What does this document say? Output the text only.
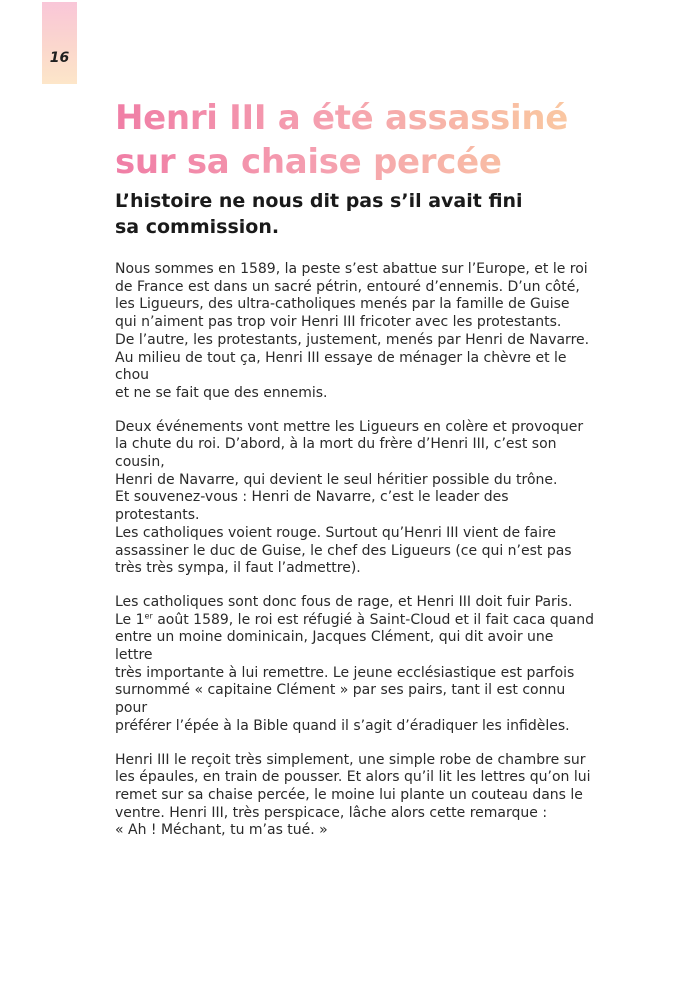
16
Henri III a été assassiné
sur sa chaise percée
L’histoire ne nous dit pas s’il avait fini
sa commission.

Nous sommes en 1589, la peste s’est abattue sur l’Europe, et le roi
de France est dans un sacré pétrin, entouré d’ennemis. D’un côté,
les Ligueurs, des ultra-catholiques menés par la famille de Guise
qui n’aiment pas trop voir Henri III fricoter avec les protestants.
De l’autre, les protestants, justement, menés par Henri de Navarre.
Au milieu de tout ça, Henri III essaye de ménager la chèvre et le chou
et ne se fait que des ennemis.

Deux événements vont mettre les Ligueurs en colère et provoquer
la chute du roi. D’abord, à la mort du frère d’Henri III, c’est son cousin,
Henri de Navarre, qui devient le seul héritier possible du trône.
Et souvenez-vous : Henri de Navarre, c’est le leader des protestants.
Les catholiques voient rouge. Surtout qu’Henri III vient de faire
assassiner le duc de Guise, le chef des Ligueurs (ce qui n’est pas
très très sympa, il faut l’admettre).

Les catholiques sont donc fous de rage, et Henri III doit fuir Paris.
Le 1er août 1589, le roi est réfugié à Saint-Cloud et il fait caca quand
entre un moine dominicain, Jacques Clément, qui dit avoir une lettre
très importante à lui remettre. Le jeune ecclésiastique est parfois
surnommé « capitaine Clément » par ses pairs, tant il est connu pour
préférer l’épée à la Bible quand il s’agit d’éradiquer les infidèles.

Henri III le reçoit très simplement, une simple robe de chambre sur
les épaules, en train de pousser. Et alors qu’il lit les lettres qu’on lui
remet sur sa chaise percée, le moine lui plante un couteau dans le
ventre. Henri III, très perspicace, lâche alors cette remarque :
« Ah ! Méchant, tu m’as tué. »
